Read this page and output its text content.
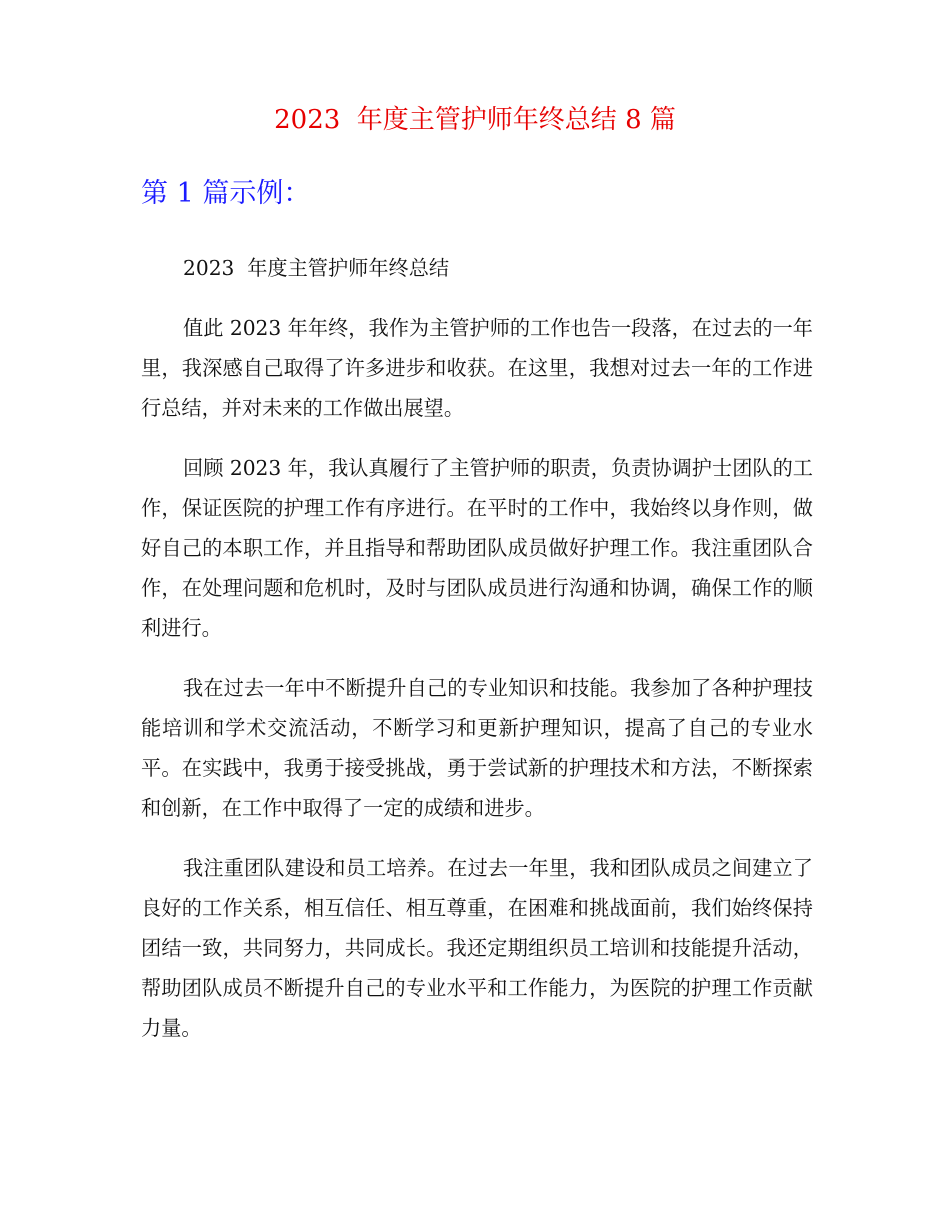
2023  年度主管护师年终总结 8 篇
第 1 篇示例：
2023  年度主管护师年终总结

值此 2023 年年终，我作为主管护师的工作也告一段落，在过去的一年里，我深感自己取得了许多进步和收获。在这里，我想对过去一年的工作进行总结，并对未来的工作做出展望。

回顾 2023 年，我认真履行了主管护师的职责，负责协调护士团队的工作，保证医院的护理工作有序进行。在平时的工作中，我始终以身作则，做好自己的本职工作，并且指导和帮助团队成员做好护理工作。我注重团队合作，在处理问题和危机时，及时与团队成员进行沟通和协调，确保工作的顺利进行。

我在过去一年中不断提升自己的专业知识和技能。我参加了各种护理技能培训和学术交流活动，不断学习和更新护理知识，提高了自己的专业水平。在实践中，我勇于接受挑战，勇于尝试新的护理技术和方法，不断探索和创新，在工作中取得了一定的成绩和进步。

我注重团队建设和员工培养。在过去一年里，我和团队成员之间建立了良好的工作关系，相互信任、相互尊重，在困难和挑战面前，我们始终保持团结一致，共同努力，共同成长。我还定期组织员工培训和技能提升活动，帮助团队成员不断提升自己的专业水平和工作能力，为医院的护理工作贡献力量。
